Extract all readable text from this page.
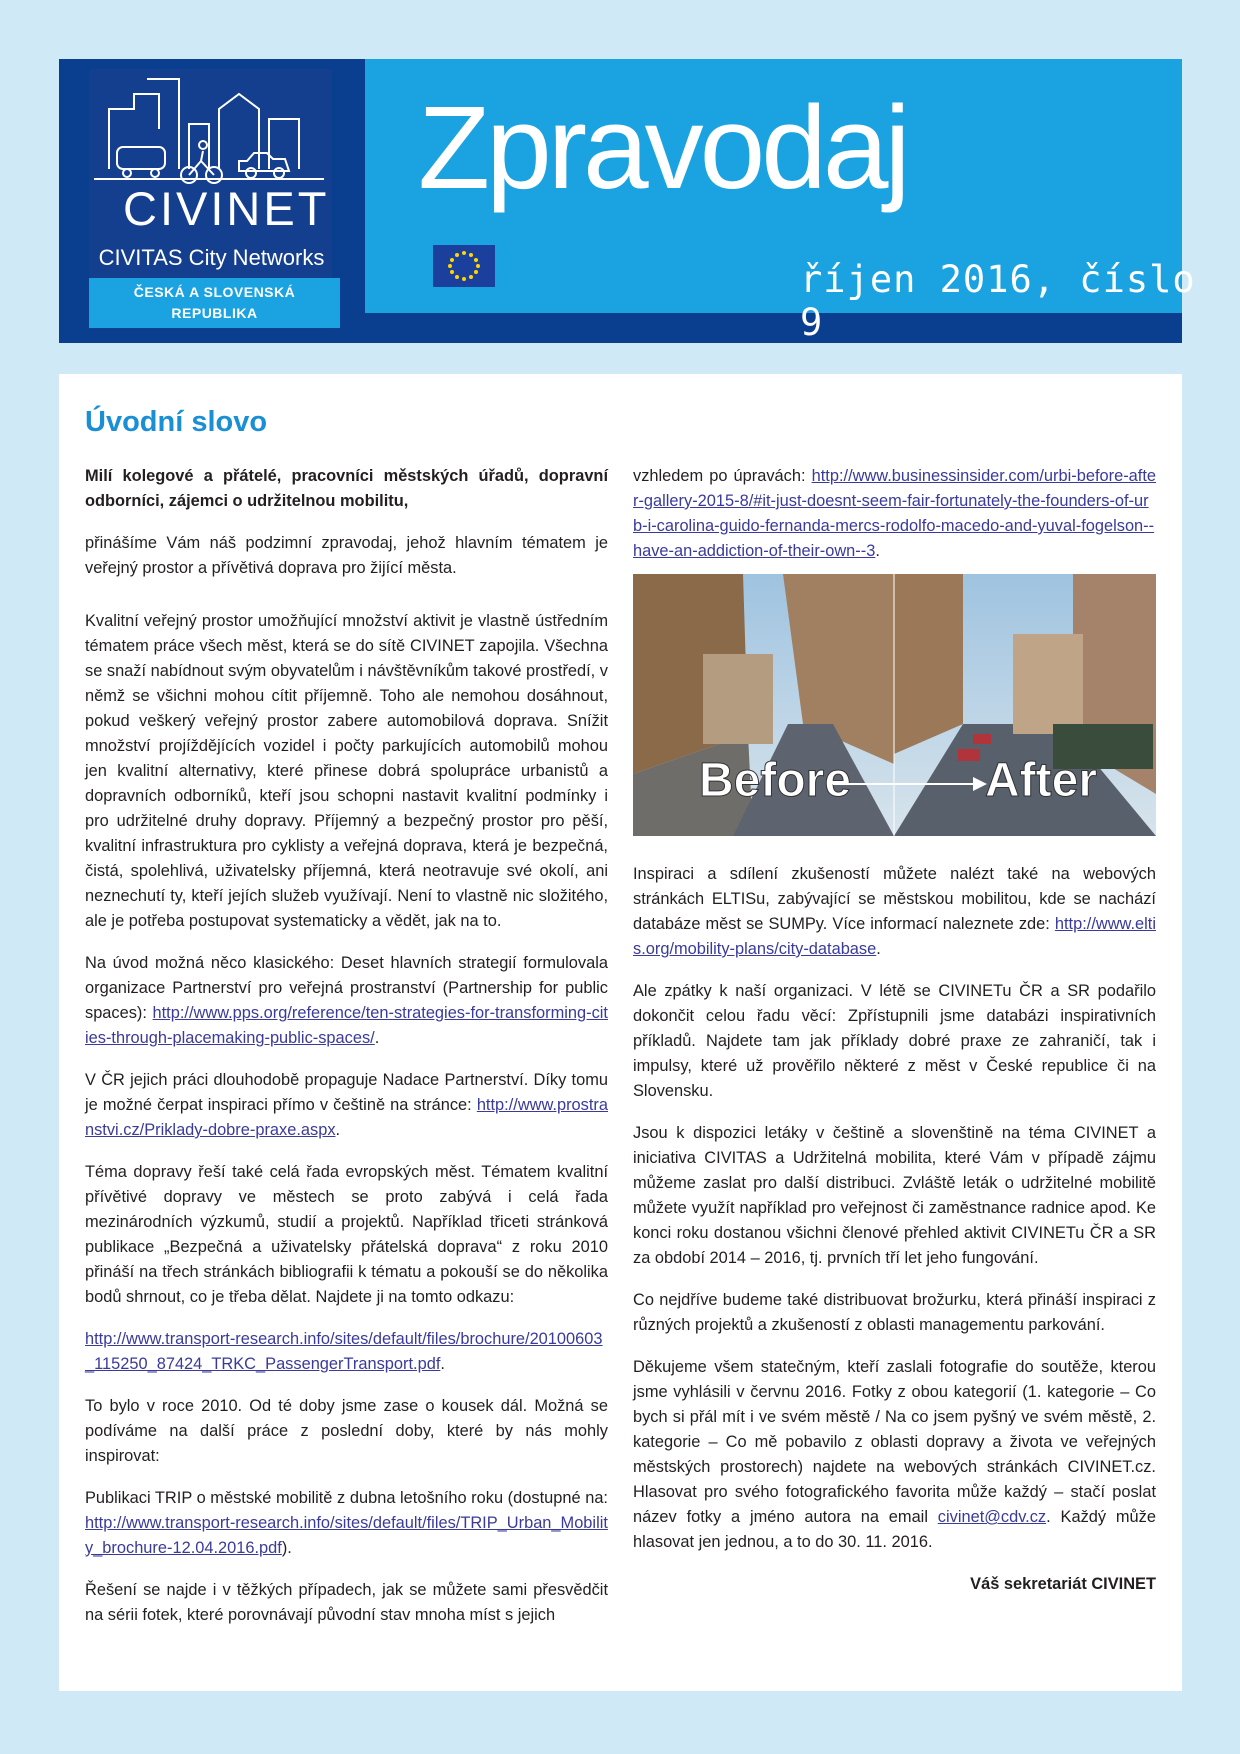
CIVINET
CIVITAS City Networks
ČESKÁ A SLOVENSKÁ
REPUBLIKA
Zpravodaj
říjen 2016, číslo 9
Úvodní slovo

Milí kolegové a přátelé, pracovníci městských úřadů, dopravní odborníci, zájemci o udržitelnou mobilitu,

přinášíme Vám náš podzimní zpravodaj, jehož hlavním tématem je veřejný prostor a přívětivá doprava pro žijící města.

Kvalitní veřejný prostor umožňující množství aktivit je vlastně ústředním tématem práce všech měst, která se do sítě CIVINET zapojila. Všechna se snaží nabídnout svým obyvatelům i návštěvníkům takové prostředí, v němž se všichni mohou cítit příjemně. Toho ale nemohou dosáhnout, pokud veškerý veřejný prostor zabere automobilová doprava. Snížit množství projíždějících vozidel i počty parkujících automobilů mohou jen kvalitní alternativy, které přinese dobrá spolupráce urbanistů a dopravních odborníků, kteří jsou schopni nastavit kvalitní podmínky i pro udržitelné druhy dopravy. Příjemný a bezpečný prostor pro pěší, kvalitní infrastruktura pro cyklisty a veřejná doprava, která je bezpečná, čistá, spolehlivá, uživatelsky příjemná, která neotravuje své okolí, ani neznechutí ty, kteří jejích služeb využívají. Není to vlastně nic složitého, ale je potřeba postupovat systematicky a vědět, jak na to.

Na úvod možná něco klasického: Deset hlavních strategií formulovala organizace Partnerství pro veřejná prostranství (Partnership for public spaces): http://www.pps.org/reference/ten-strategies-for-transforming-cities-through-placemaking-public-spaces/.

V ČR jejich práci dlouhodobě propaguje Nadace Partnerství. Díky tomu je možné čerpat inspiraci přímo v češtině na stránce: http://www.prostranstvi.cz/Priklady-dobre-praxe.aspx.

Téma dopravy řeší také celá řada evropských měst. Tématem kvalitní přívětivé dopravy ve městech se proto zabývá i celá řada mezinárodních výzkumů, studií a projektů. Například třiceti stránková publikace „Bezpečná a uživatelsky přátelská doprava“ z roku 2010 přináší na třech stránkách bibliografii k tématu a pokouší se do několika bodů shrnout, co je třeba dělat. Najdete ji na tomto odkazu:

http://www.transport-research.info/sites/default/files/brochure/20100603_115250_87424_TRKC_PassengerTransport.pdf.

To bylo v roce 2010. Od té doby jsme zase o kousek dál. Možná se podíváme na další práce z poslední doby, které by nás mohly inspirovat:

Publikaci TRIP o městské mobilitě z dubna letošního roku (dostupné na: http://www.transport-research.info/sites/default/files/TRIP_Urban_Mobility_brochure-12.04.2016.pdf).

Řešení se najde i v těžkých případech, jak se můžete sami přesvědčit na sérii fotek, které porovnávají původní stav mnoha míst s jejich

vzhledem po úpravách: http://www.businessinsider.com/urbi-before-after-gallery-2015-8/#it-just-doesnt-seem-fair-fortunately-the-founders-of-urb-i-carolina-guido-fernanda-mercs-rodolfo-macedo-and-yuval-fogelson--have-an-addiction-of-their-own--3.

Before	After

Inspiraci a sdílení zkušeností můžete nalézt také na webových stránkách ELTISu, zabývající se městskou mobilitou, kde se nachází databáze měst se SUMPy. Více informací naleznete zde: http://www.eltis.org/mobility-plans/city-database.

Ale zpátky k naší organizaci. V létě se CIVINETu ČR a SR podařilo dokončit celou řadu věcí: Zpřístupnili jsme databázi inspirativních příkladů. Najdete tam jak příklady dobré praxe ze zahraničí, tak i impulsy, které už prověřilo některé z měst v České republice či na Slovensku.

Jsou k dispozici letáky v češtině a slovenštině na téma CIVINET a iniciativa CIVITAS a Udržitelná mobilita, které Vám v případě zájmu můžeme zaslat pro další distribuci. Zvláště leták o udržitelné mobilitě můžete využít například pro veřejnost či zaměstnance radnice apod. Ke konci roku dostanou všichni členové přehled aktivit CIVINETu ČR a SR za období 2014 – 2016, tj. prvních tří let jeho fungování.

Co nejdříve budeme také distribuovat brožurku, která přináší inspiraci z různých projektů a zkušeností z oblasti managementu parkování.

Děkujeme všem statečným, kteří zaslali fotografie do soutěže, kterou jsme vyhlásili v červnu 2016. Fotky z obou kategorií (1. kategorie – Co bych si přál mít i ve svém městě / Na co jsem pyšný ve svém městě, 2. kategorie – Co mě pobavilo z oblasti dopravy a života ve veřejných městských prostorech) najdete na webových stránkách CIVINET.cz. Hlasovat pro svého fotografického favorita může každý – stačí poslat název fotky a jméno autora na email civinet@cdv.cz. Každý může hlasovat jen jednou, a to do 30. 11. 2016.

Váš sekretariát CIVINET
